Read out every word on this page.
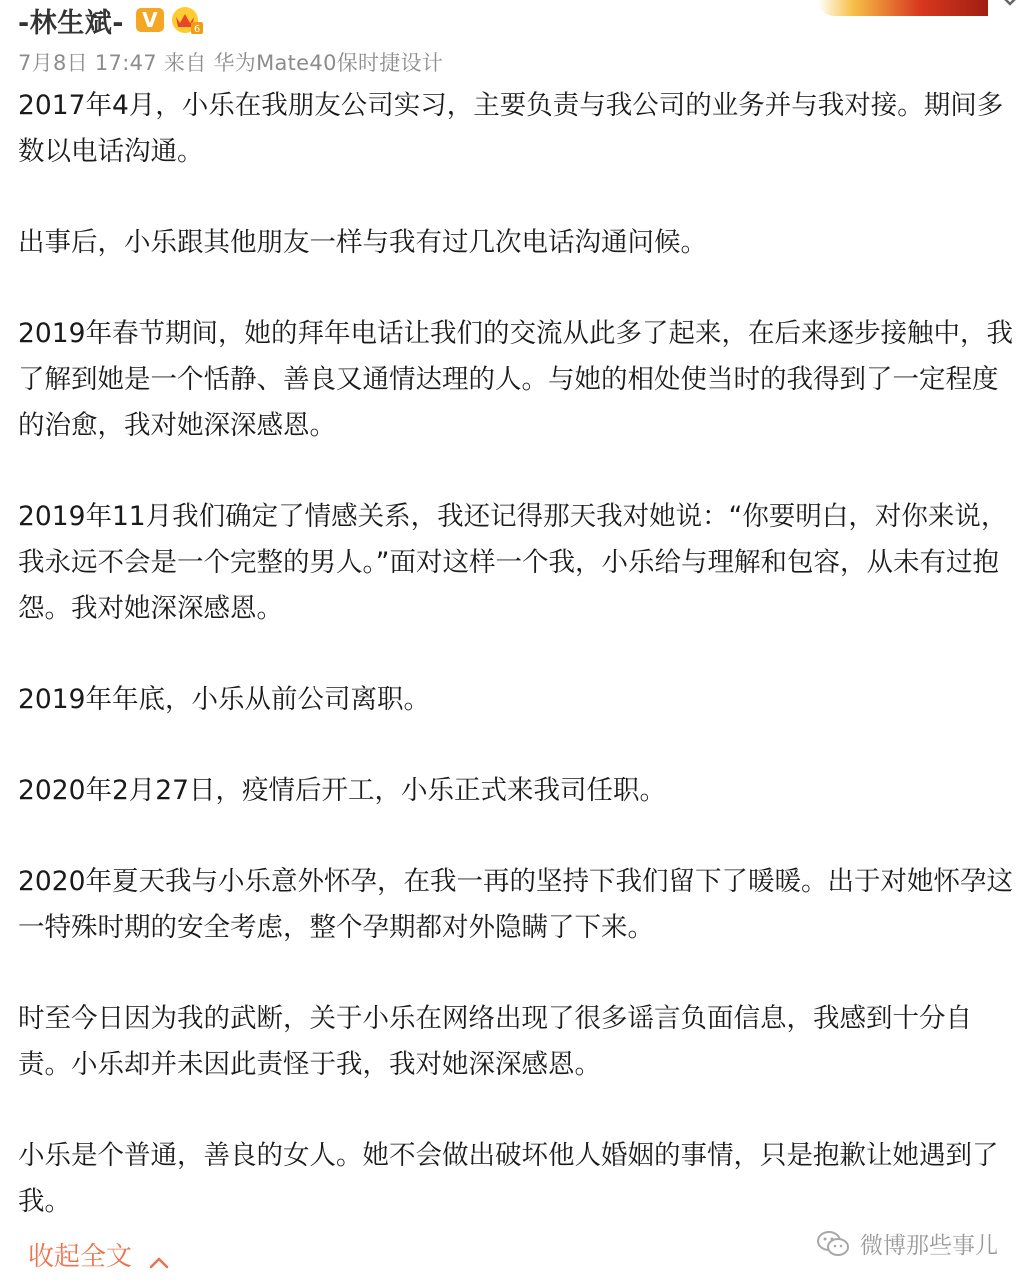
-林生斌- V	6
7月8日 17:47 来自 华为Mate40保时捷设计

2017年4月，小乐在我朋友公司实习，主要负责与我公司的业务并与我对接。期间多数以电话沟通。

出事后，小乐跟其他朋友一样与我有过几次电话沟通问候。

2019年春节期间，她的拜年电话让我们的交流从此多了起来，在后来逐步接触中，我了解到她是一个恬静、善良又通情达理的人。与她的相处使当时的我得到了一定程度的治愈，我对她深深感恩。

2019年11月我们确定了情感关系，我还记得那天我对她说：“你要明白，对你来说，我永远不会是一个完整的男人。”面对这样一个我，小乐给与理解和包容，从未有过抱怨。我对她深深感恩。

2019年年底，小乐从前公司离职。

2020年2月27日，疫情后开工，小乐正式来我司任职。

2020年夏天我与小乐意外怀孕，在我一再的坚持下我们留下了暖暖。出于对她怀孕这一特殊时期的安全考虑，整个孕期都对外隐瞒了下来。

时至今日因为我的武断，关于小乐在网络出现了很多谣言负面信息，我感到十分自责。小乐却并未因此责怪于我，我对她深深感恩。

小乐是个普通，善良的女人。她不会做出破坏他人婚姻的事情，只是抱歉让她遇到了我。

收起全文	微博那些事儿
